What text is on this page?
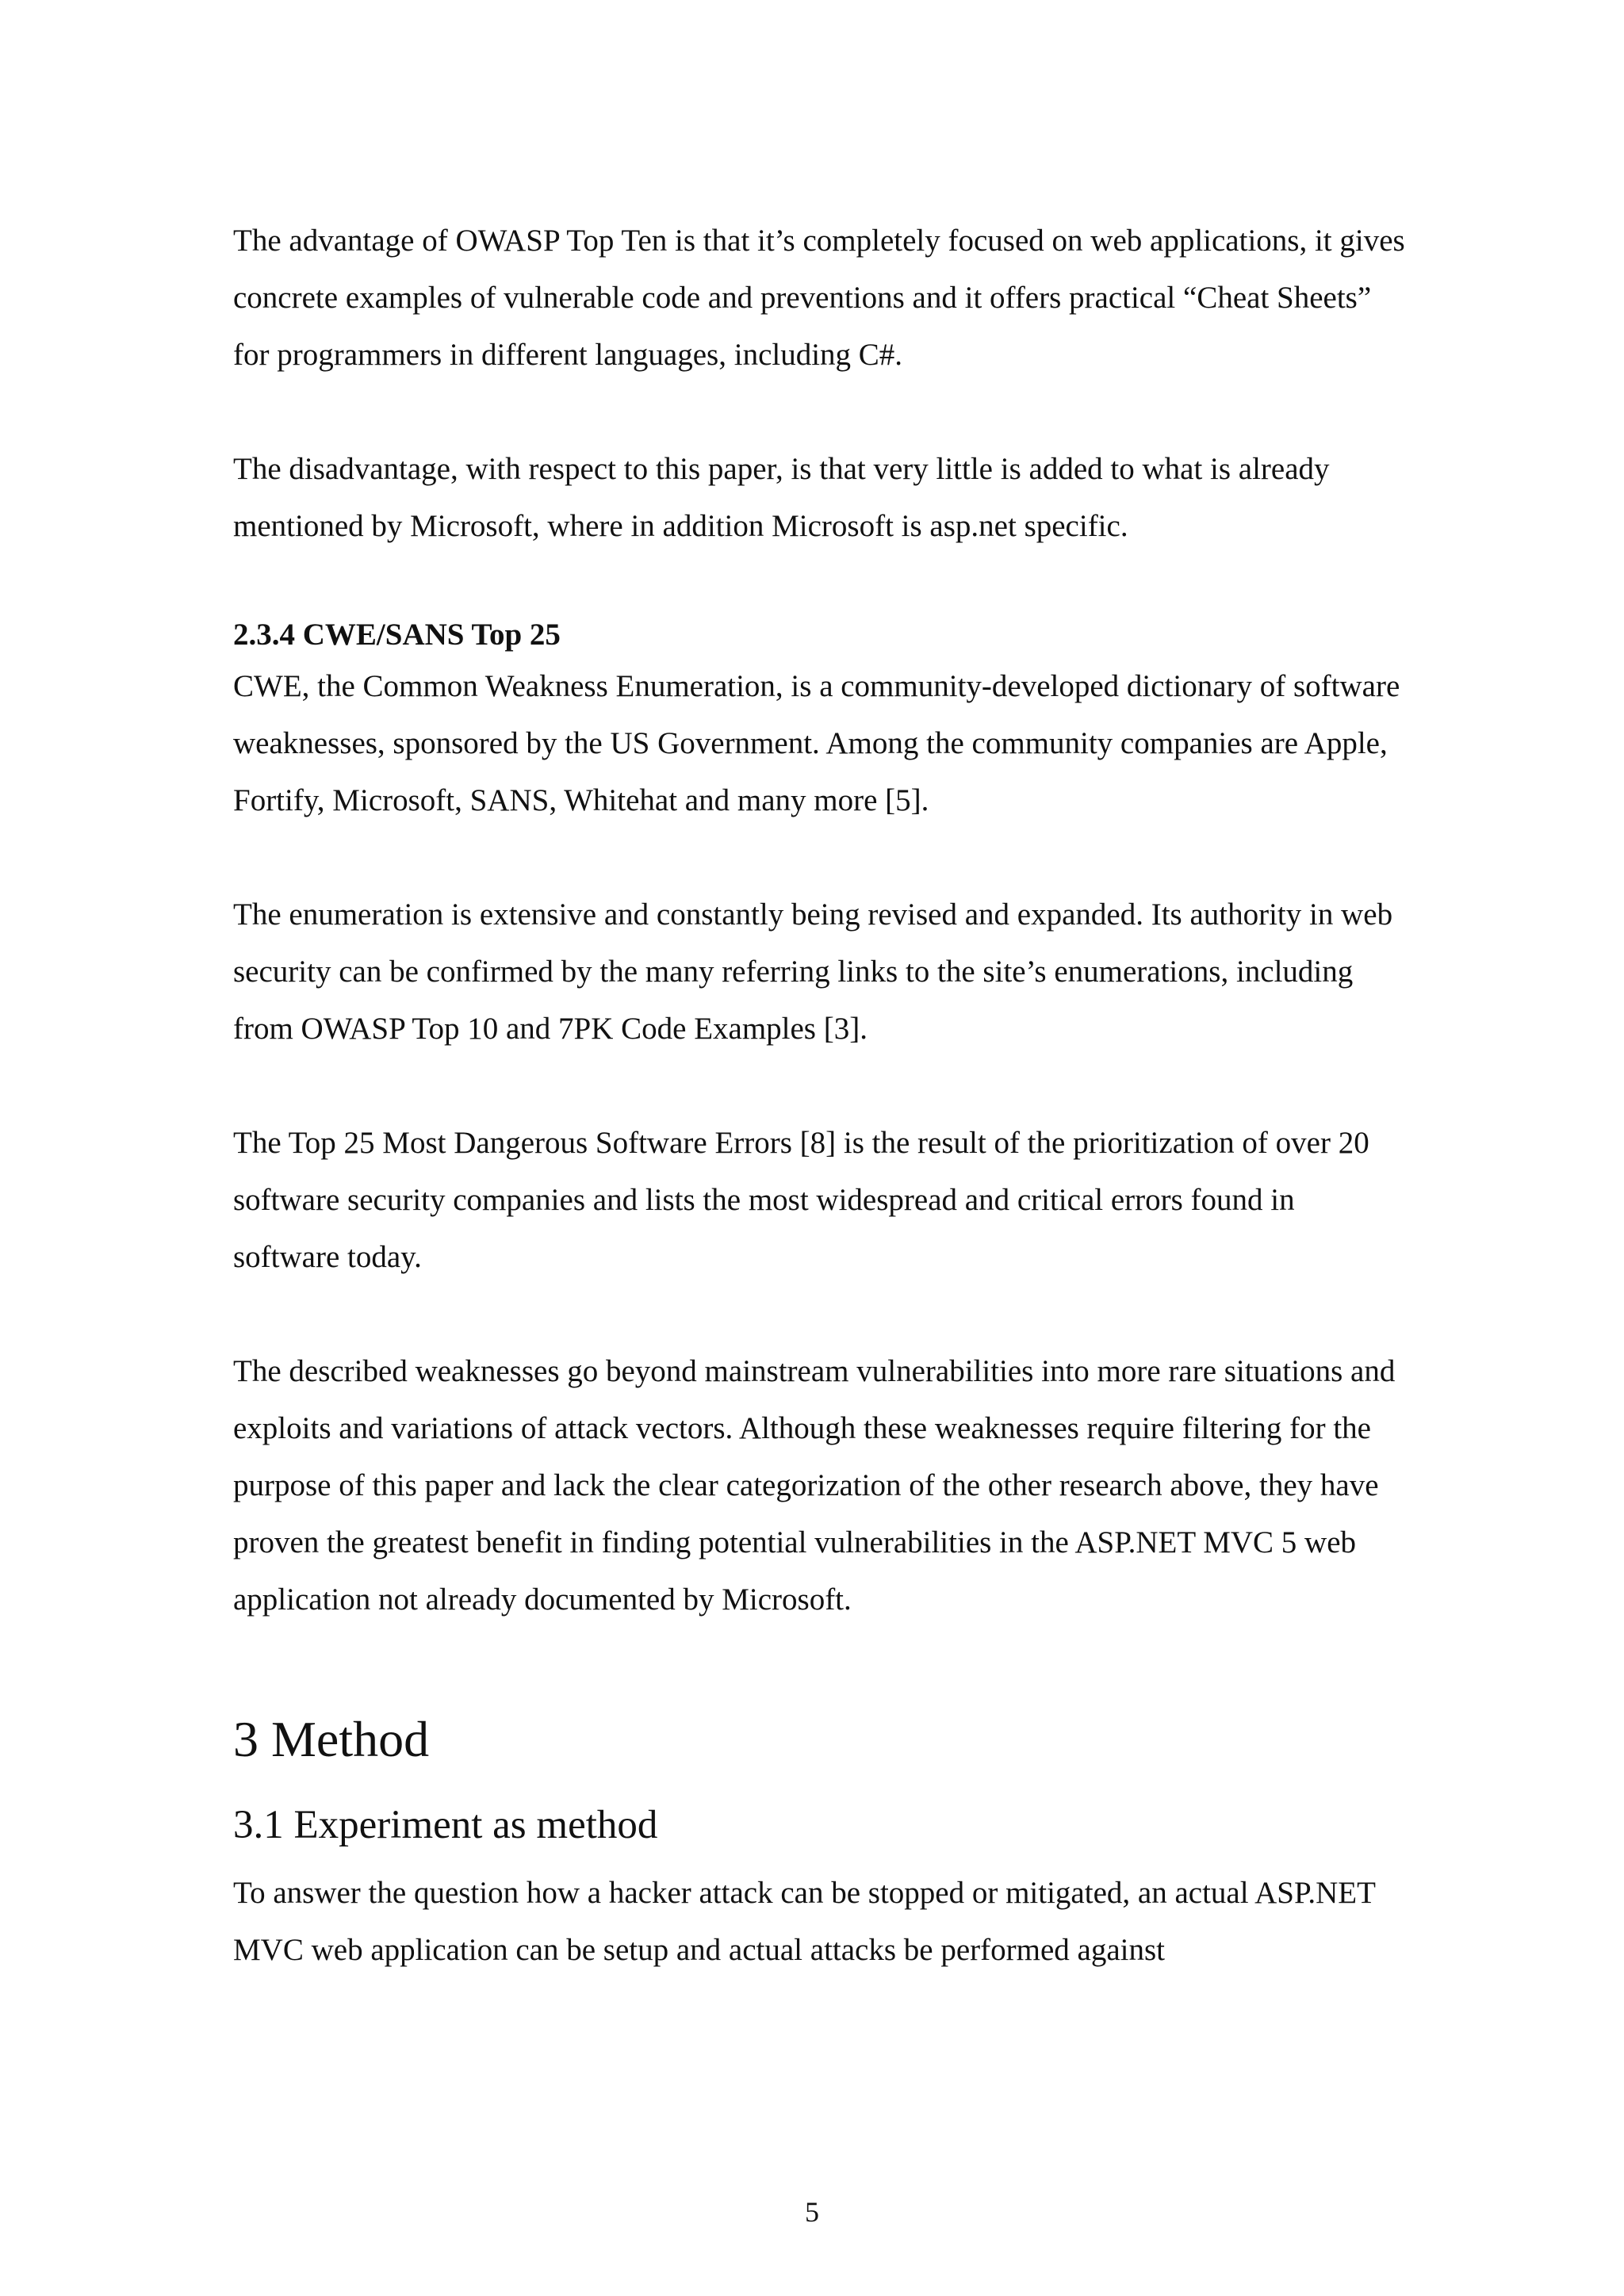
The advantage of OWASP Top Ten is that it’s completely focused on web applications, it gives concrete examples of vulnerable code and preventions and it offers practical “Cheat Sheets” for programmers in different languages, including C#.

The disadvantage, with respect to this paper, is that very little is added to what is already mentioned by Microsoft, where in addition Microsoft is asp.net specific.

2.3.4 CWE/SANS Top 25

CWE, the Common Weakness Enumeration, is a community-developed dictionary of software weaknesses, sponsored by the US Government. Among the community companies are Apple, Fortify, Microsoft, SANS, Whitehat and many more [5].

The enumeration is extensive and constantly being revised and expanded. Its authority in web security can be confirmed by the many referring links to the site’s enumerations, including from OWASP Top 10 and 7PK Code Examples [3].

The Top 25 Most Dangerous Software Errors [8] is the result of the prioritization of over 20 software security companies and lists the most widespread and critical errors found in software today.

The described weaknesses go beyond mainstream vulnerabilities into more rare situations and exploits and variations of attack vectors. Although these weaknesses require filtering for the purpose of this paper and lack the clear categorization of the other research above, they have proven the greatest benefit in finding potential vulnerabilities in the ASP.NET MVC 5 web application not already documented by Microsoft.

3 Method
3.1 Experiment as method

To answer the question how a hacker attack can be stopped or mitigated, an actual ASP.NET MVC web application can be setup and actual attacks be performed against

5
